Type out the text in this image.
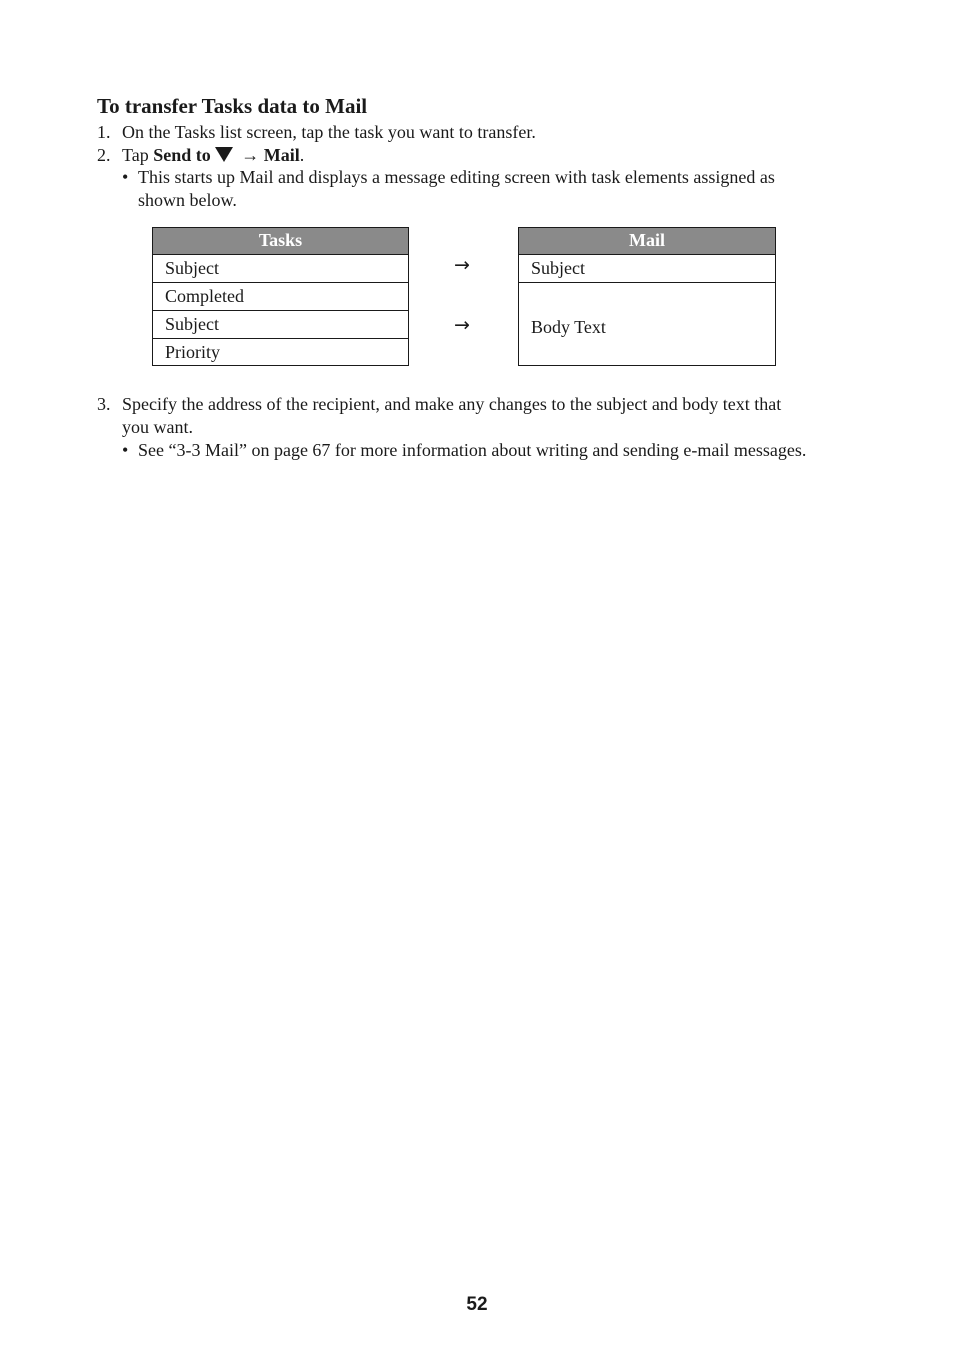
To transfer Tasks data to Mail
1. On the Tasks list screen, tap the task you want to transfer.
2. Tap Send to → Mail.
• This starts up Mail and displays a message editing screen with task elements assigned as
shown below.
Tasks
Subject
Completed
Subject
Priority
→
→
Mail
Subject
Body Text
3. Specify the address of the recipient, and make any changes to the subject and body text that
you want.
• See “3-3 Mail” on page 67 for more information about writing and sending e-mail messages.
52
